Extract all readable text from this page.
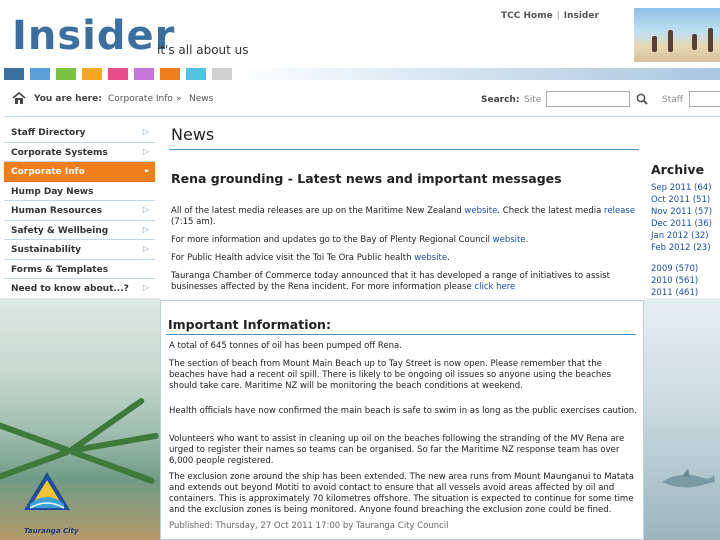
Insider
it's all about us
TCC Home | Insider
You are here: Corporate Info » News	Search: Site	Staff
Staff Directory	▷
Corporate Systems	▷
Corporate Info	▸
Hump Day News
Human Resources	▷
Safety & Wellbeing	▷
Sustainability	▷
Forms & Templates
Need to know about...? ▷
News
Rena grounding - Latest news and important messages
All of the latest media releases are up on the Maritime New Zealand website. Check the latest media release (7:15 am).
For more information and updates go to the Bay of Plenty Regional Council website.
For Public Health advice visit the Toi Te Ora Public health website.
Tauranga Chamber of Commerce today announced that it has developed a range of initiatives to assist businesses affected by the Rena incident. For more information please click here
Archive
Sep 2011 (64)
Oct 2011 (51)
Nov 2011 (57)
Dec 2011 (36)
Jan 2012 (32)
Feb 2012 (23)
2009 (570)
2010 (561)
2011 (461)
Tauranga City
Important Information:
A total of 645 tonnes of oil has been pumped off Rena.
The section of beach from Mount Main Beach up to Tay Street is now open. Please remember that the beaches have had a recent oil spill. There is likely to be ongoing oil issues so anyone using the beaches should take care. Maritime NZ will be monitoring the beach conditions at weekend.
Health officials have now confirmed the main beach is safe to swim in as long as the public exercises caution.
Volunteers who want to assist in cleaning up oil on the beaches following the stranding of the MV Rena are urged to register their names so teams can be organised. So far the Maritime NZ response team has over 6,000 people registered.
The exclusion zone around the ship has been extended. The new area runs from Mount Maunganui to Matata and extends out beyond Motiti to avoid contact to ensure that all vessels avoid areas affected by oil and containers. This is approximately 70 kilometres offshore. The situation is expected to continue for some time and the exclusion zones is being monitored. Anyone found breaching the exclusion zone could be fined.
Published: Thursday, 27 Oct 2011 17:00 by Tauranga City Council
